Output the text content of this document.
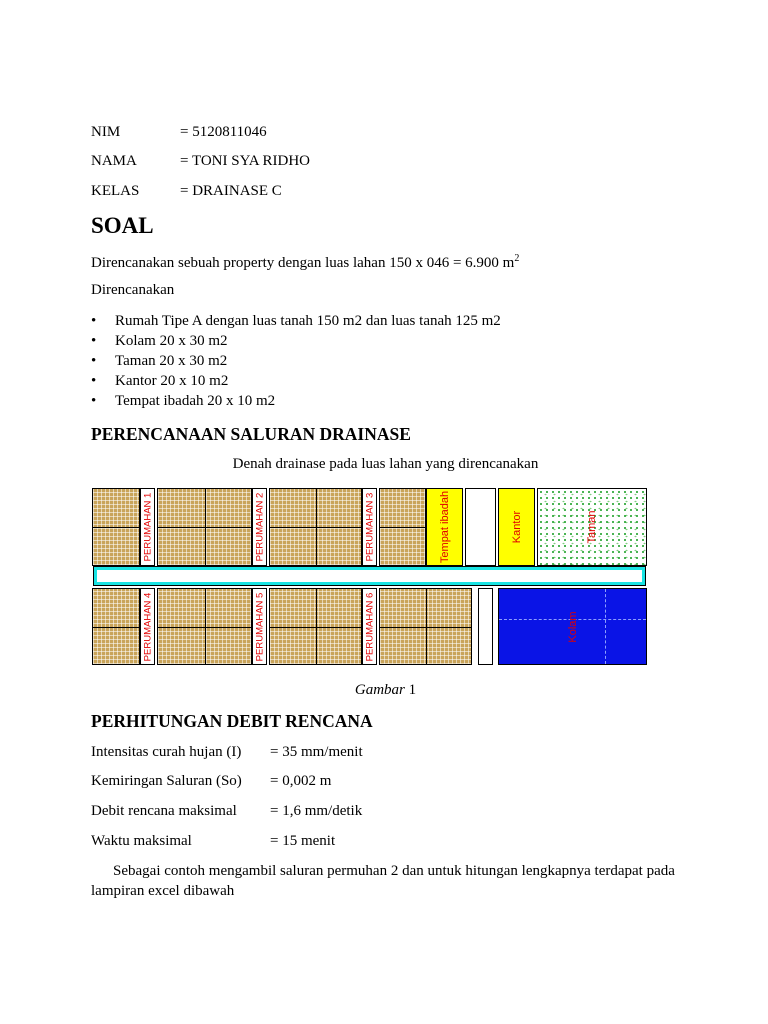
NIM	= 5120811046
NAMA	= TONI SYA RIDHO
KELAS	= DRAINASE C
SOAL
Direncanakan sebuah property dengan luas lahan 150 x 046 = 6.900 $m^2$
Direncanakan
• Rumah Tipe A dengan luas tanah 150 m2 dan luas tanah 125 m2
• Kolam 20 x 30 m2
• Taman 20 x 30 m2
• Kantor 20 x 10 m2
• Tempat ibadah 20 x 10 m2
PERENCANAAN SALURAN DRAINASE
Denah drainase pada luas lahan yang direncanakan
PERUMAHAN 1	PERUMAHAN 2	PERUMAHAN 3	Tempat ibadah	Kantor	Taman
PERUMAHAN 4	PERUMAHAN 5	PERUMAHAN 6	Kolam
Gambar 1
PERHITUNGAN DEBIT RENCANA
Intensitas curah hujan (I) = 35 mm/menit
Kemiringan Saluran (So) = 0,002 m
Debit rencana maksimal = 1,6 mm/detik
Waktu maksimal	= 15 menit
Sebagai contoh mengambil saluran permuhan 2 dan untuk hitungan lengkapnya terdapat pada
lampiran excel dibawah
